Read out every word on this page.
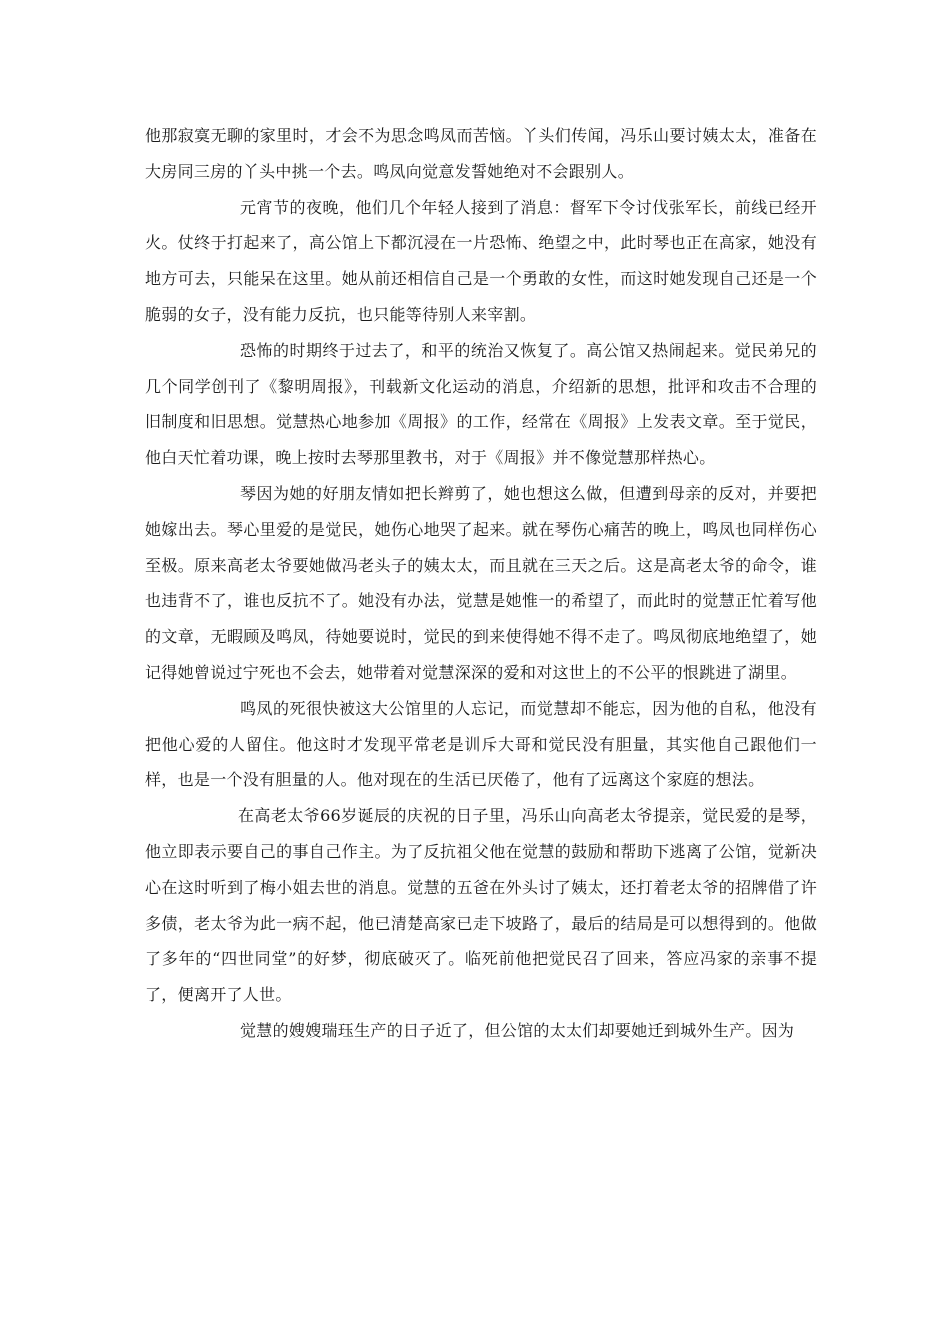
他那寂寞无聊的家里时，才会不为思念鸣凤而苦恼。丫头们传闻，冯乐山要讨姨太太，准备在大房同三房的丫头中挑一个去。鸣凤向觉意发誓她绝对不会跟别人。

元宵节的夜晚，他们几个年轻人接到了消息：督军下令讨伐张军长，前线已经开火。仗终于打起来了，高公馆上下都沉浸在一片恐怖、绝望之中，此时琴也正在高家，她没有地方可去，只能呆在这里。她从前还相信自己是一个勇敢的女性，而这时她发现自己还是一个脆弱的女子，没有能力反抗，也只能等待别人来宰割。

恐怖的时期终于过去了，和平的统治又恢复了。高公馆又热闹起来。觉民弟兄的几个同学创刊了《黎明周报》，刊载新文化运动的消息，介绍新的思想，批评和攻击不合理的旧制度和旧思想。觉慧热心地参加《周报》的工作，经常在《周报》上发表文章。至于觉民，他白天忙着功课，晚上按时去琴那里教书，对于《周报》并不像觉慧那样热心。

琴因为她的好朋友情如把长辫剪了，她也想这么做，但遭到母亲的反对，并要把她嫁出去。琴心里爱的是觉民，她伤心地哭了起来。就在琴伤心痛苦的晚上，鸣凤也同样伤心至极。原来高老太爷要她做冯老头子的姨太太，而且就在三天之后。这是高老太爷的命令，谁也违背不了，谁也反抗不了。她没有办法，觉慧是她惟一的希望了，而此时的觉慧正忙着写他的文章，无暇顾及鸣凤，待她要说时，觉民的到来使得她不得不走了。鸣凤彻底地绝望了，她记得她曾说过宁死也不会去，她带着对觉慧深深的爱和对这世上的不公平的恨跳进了湖里。

鸣凤的死很快被这大公馆里的人忘记，而觉慧却不能忘，因为他的自私，他没有把他心爱的人留住。他这时才发现平常老是训斥大哥和觉民没有胆量，其实他自己跟他们一样，也是一个没有胆量的人。他对现在的生活已厌倦了，他有了远离这个家庭的想法。

在高老太爷66岁诞辰的庆祝的日子里，冯乐山向高老太爷提亲，觉民爱的是琴，他立即表示要自己的事自己作主。为了反抗祖父他在觉慧的鼓励和帮助下逃离了公馆，觉新决心在这时听到了梅小姐去世的消息。觉慧的五爸在外头讨了姨太，还打着老太爷的招牌借了许多债，老太爷为此一病不起，他已清楚高家已走下坡路了，最后的结局是可以想得到的。他做了多年的“四世同堂”的好梦，彻底破灭了。临死前他把觉民召了回来，答应冯家的亲事不提了，便离开了人世。

觉慧的嫂嫂瑞珏生产的日子近了，但公馆的太太们却要她迁到城外生产。因为
